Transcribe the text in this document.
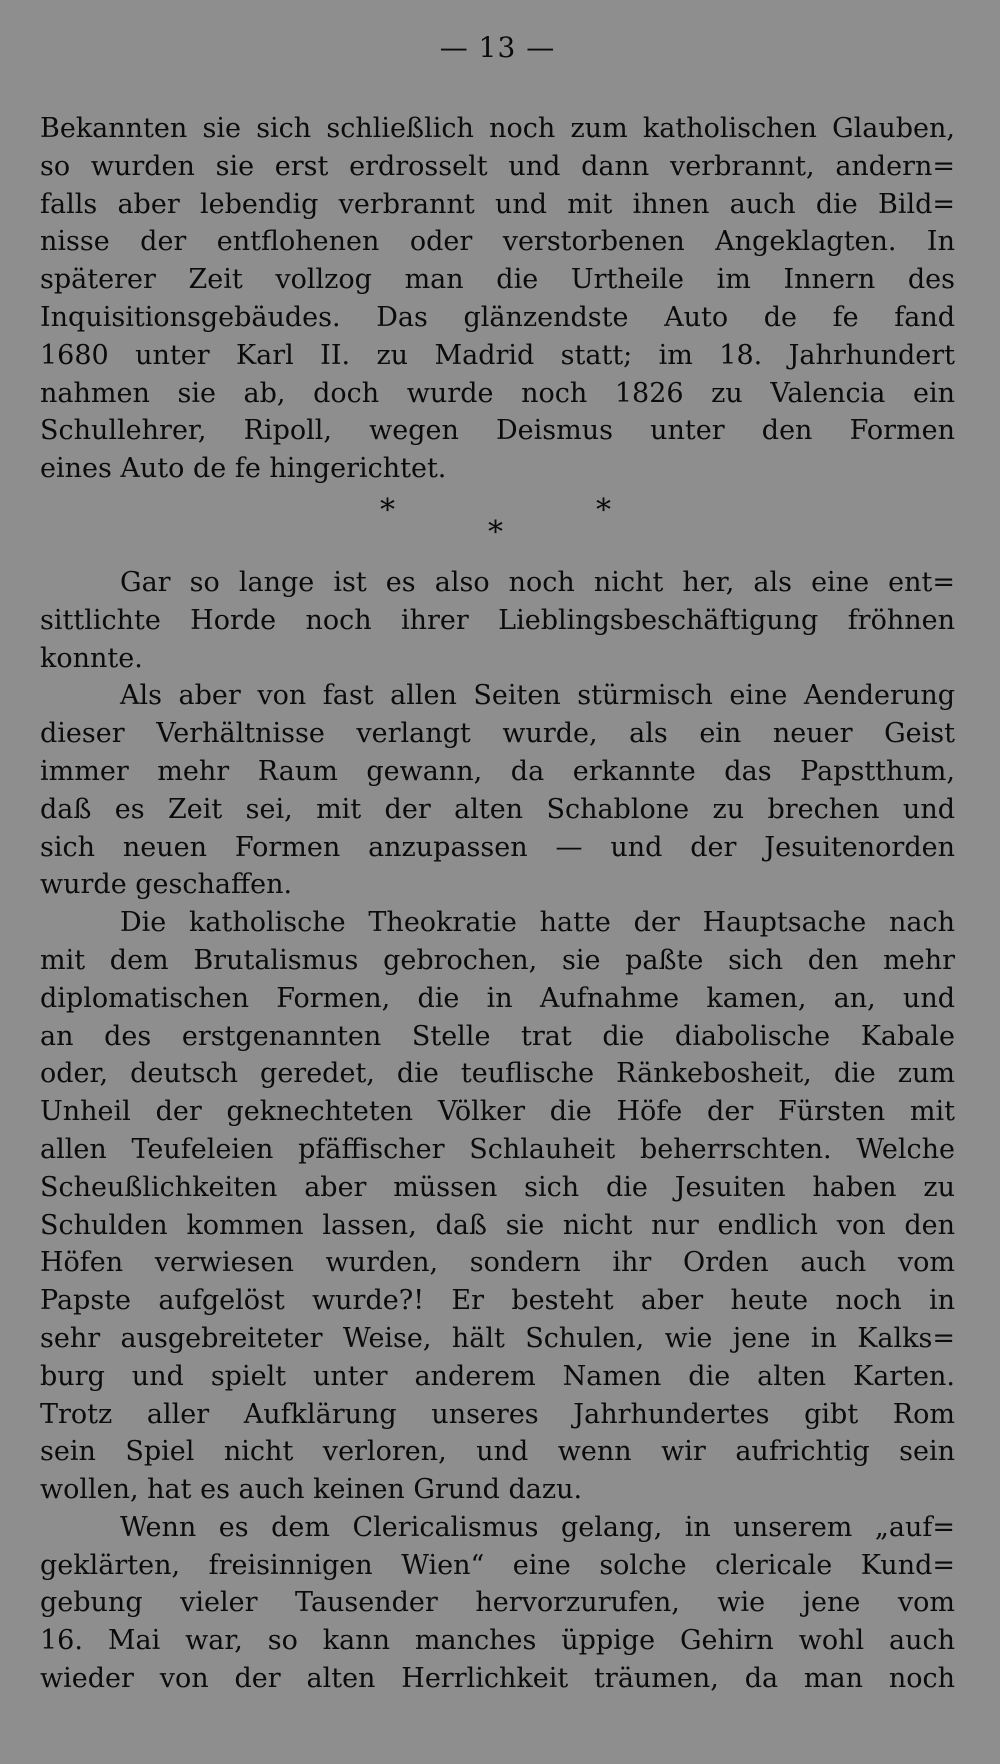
— 13 —
Bekannten sie sich schließlich noch zum katholischen Glauben,
so wurden sie erst erdrosselt und dann verbrannt, andern=
falls aber lebendig verbrannt und mit ihnen auch die Bild=
nisse der entflohenen oder verstorbenen Angeklagten. In
späterer Zeit vollzog man die Urtheile im Innern des
Inquisitionsgebäudes. Das glänzendste Auto de fe fand
1680 unter Karl II. zu Madrid statt; im 18. Jahrhundert
nahmen sie ab, doch wurde noch 1826 zu Valencia ein
Schullehrer, Ripoll, wegen Deismus unter den Formen
eines Auto de fe hingerichtet.
*
*
*
Gar so lange ist es also noch nicht her, als eine ent=
sittlichte Horde noch ihrer Lieblingsbeschäftigung fröhnen
konnte.
Als aber von fast allen Seiten stürmisch eine Aenderung
dieser Verhältnisse verlangt wurde, als ein neuer Geist
immer mehr Raum gewann, da erkannte das Papstthum,
daß es Zeit sei, mit der alten Schablone zu brechen und
sich neuen Formen anzupassen — und der Jesuitenorden
wurde geschaffen.
Die katholische Theokratie hatte der Hauptsache nach
mit dem Brutalismus gebrochen, sie paßte sich den mehr
diplomatischen Formen, die in Aufnahme kamen, an, und
an des erstgenannten Stelle trat die diabolische Kabale
oder, deutsch geredet, die teuflische Ränkebosheit, die zum
Unheil der geknechteten Völker die Höfe der Fürsten mit
allen Teufeleien pfäffischer Schlauheit beherrschten. Welche
Scheußlichkeiten aber müssen sich die Jesuiten haben zu
Schulden kommen lassen, daß sie nicht nur endlich von den
Höfen verwiesen wurden, sondern ihr Orden auch vom
Papste aufgelöst wurde?! Er besteht aber heute noch in
sehr ausgebreiteter Weise, hält Schulen, wie jene in Kalks=
burg und spielt unter anderem Namen die alten Karten.
Trotz aller Aufklärung unseres Jahrhundertes gibt Rom
sein Spiel nicht verloren, und wenn wir aufrichtig sein
wollen, hat es auch keinen Grund dazu.
Wenn es dem Clericalismus gelang, in unserem „auf=
geklärten, freisinnigen Wien“ eine solche clericale Kund=
gebung vieler Tausender hervorzurufen, wie jene vom
16. Mai war, so kann manches üppige Gehirn wohl auch
wieder von der alten Herrlichkeit träumen, da man noch
